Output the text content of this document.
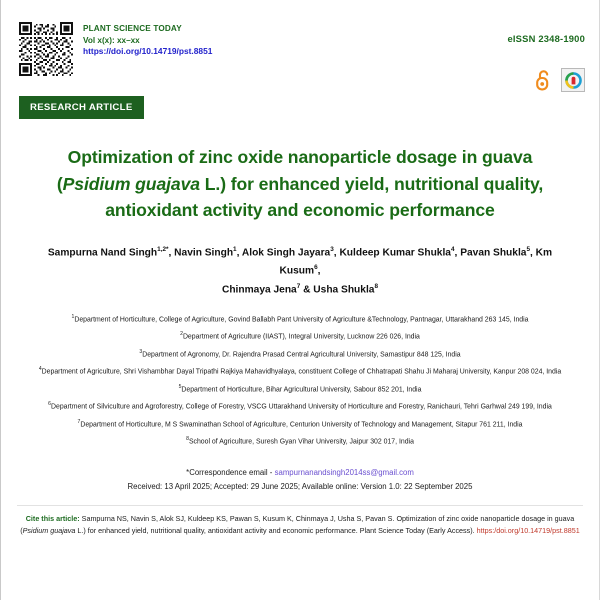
PLANT SCIENCE TODAY
Vol x(x): xx–xx
https://doi.org/10.14719/pst.8851
eISSN 2348-1900
RESEARCH ARTICLE
Optimization of zinc oxide nanoparticle dosage in guava
(Psidium guajava L.) for enhanced yield, nutritional quality,
antioxidant activity and economic performance
Sampurna Nand Singh$^{1,2*}$, Navin Singh$^1$, Alok Singh Jayara$^3$, Kuldeep Kumar Shukla$^4$, Pavan Shukla$^5$, Km Kusum$^6$,
Chinmaya Jena$^7$ & Usha Shukla$^8$

$^1$Department of Horticulture, College of Agriculture, Govind Ballabh Pant University of Agriculture &Technology, Pantnagar, Uttarakhand 263 145, India

$^2$Department of Agriculture (IIAST), Integral University, Lucknow 226 026, India

$^3$Department of Agronomy, Dr. Rajendra Prasad Central Agricultural University, Samastipur 848 125, India

$^4$Department of Agriculture, Shri Vishambhar Dayal Tripathi Rajkiya Mahavidhyalaya, constituent College of Chhatrapati Shahu Ji Maharaj University, Kanpur 208 024, India

$^5$Department of Horticulture, Bihar Agricultural University, Sabour 852 201, India

$^6$Department of Silviculture and Agroforestry, College of Forestry, VSCG Uttarakhand University of Horticulture and Forestry, Ranichauri, Tehri Garhwal 249 199, India

$^7$Department of Horticulture, M S Swaminathan School of Agriculture, Centurion University of Technology and Management, Sitapur 761 211, India

$^8$School of Agriculture, Suresh Gyan Vihar University, Jaipur 302 017, India

*Correspondence email - sampurnanandsingh2014ss@gmail.com
Received: 13 April 2025; Accepted: 29 June 2025; Available online: Version 1.0: 22 September 2025
Cite this article: Sampurna NS, Navin S, Alok SJ, Kuldeep KS, Pawan S, Kusum K, Chinmaya J, Usha S, Pavan S. Optimization of zinc oxide nanoparticle dosage in guava (Psidium guajava L.) for enhanced yield, nutritional quality, antioxidant activity and economic performance. Plant Science Today (Early Access). https:/doi.org/10.14719/pst.8851
